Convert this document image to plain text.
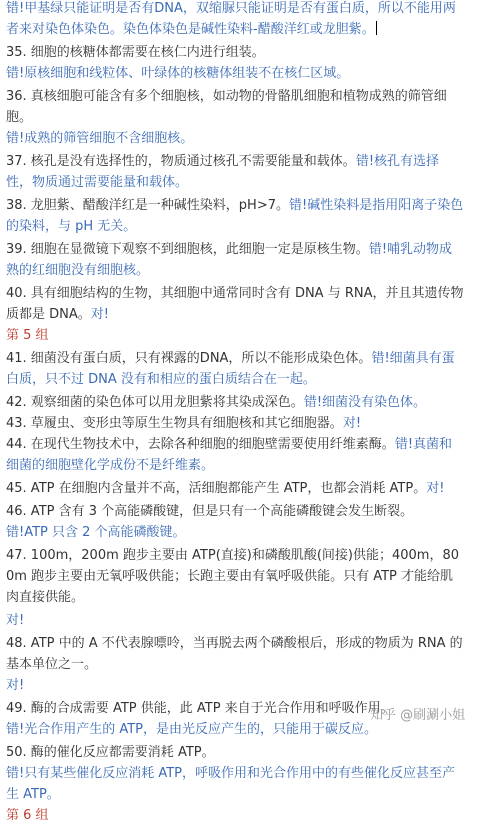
错!甲基绿只能证明是否有DNA，双缩脲只能证明是否有蛋白质，所以不能用两者来对染色体染色。染色体染色是碱性染料-醋酸洋红或龙胆紫。
35. 细胞的核糖体都需要在核仁内进行组装。
错!原核细胞和线粒体、叶绿体的核糖体组装不在核仁区域。
36. 真核细胞可能含有多个细胞核，如动物的骨骼肌细胞和植物成熟的筛管细胞。
错!成熟的筛管细胞不含细胞核。
37. 核孔是没有选择性的，物质通过核孔不需要能量和载体。错!核孔有选择性，物质通过需要能量和载体。
38. 龙胆紫、醋酸洋红是一种碱性染料，pH>7。错!碱性染料是指用阳离子染色的染料，与 pH 无关。
39. 细胞在显微镜下观察不到细胞核，此细胞一定是原核生物。错!哺乳动物成熟的红细胞没有细胞核。
40. 具有细胞结构的生物，其细胞中通常同时含有 DNA 与 RNA，并且其遗传物质都是 DNA。对!
第 5 组
41. 细菌没有蛋白质，只有裸露的DNA，所以不能形成染色体。错!细菌具有蛋白质，只不过 DNA 没有和相应的蛋白质结合在一起。
42. 观察细菌的染色体可以用龙胆紫将其染成深色。错!细菌没有染色体。
43. 草履虫、变形虫等原生生物具有细胞核和其它细胞器。对!
44. 在现代生物技术中，去除各种细胞的细胞壁需要使用纤维素酶。错!真菌和细菌的细胞壁化学成份不是纤维素。
45. ATP 在细胞内含量并不高，活细胞都能产生 ATP，也都会消耗 ATP。对!
46. ATP 含有 3 个高能磷酸键，但是只有一个高能磷酸键会发生断裂。
错!ATP 只含 2 个高能磷酸键。
47. 100m，200m 跑步主要由 ATP(直接)和磷酸肌酸(间接)供能；400m，800m 跑步主要由无氧呼吸供能；长跑主要由有氧呼吸供能。只有 ATP 才能给肌肉直接供能。
对!
48. ATP 中的 A 不代表腺嘌呤，当再脱去两个磷酸根后，形成的物质为 RNA 的基本单位之一。
对!
49. 酶的合成需要 ATP 供能，此 ATP 来自于光合作用和呼吸作用。
错!光合作用产生的 ATP，是由光反应产生的，只能用于碳反应。
50. 酶的催化反应都需要消耗 ATP。
错!只有某些催化反应消耗 ATP，呼吸作用和光合作用中的有些催化反应甚至产生 ATP。
第 6 组
知乎 @刷涮小姐
